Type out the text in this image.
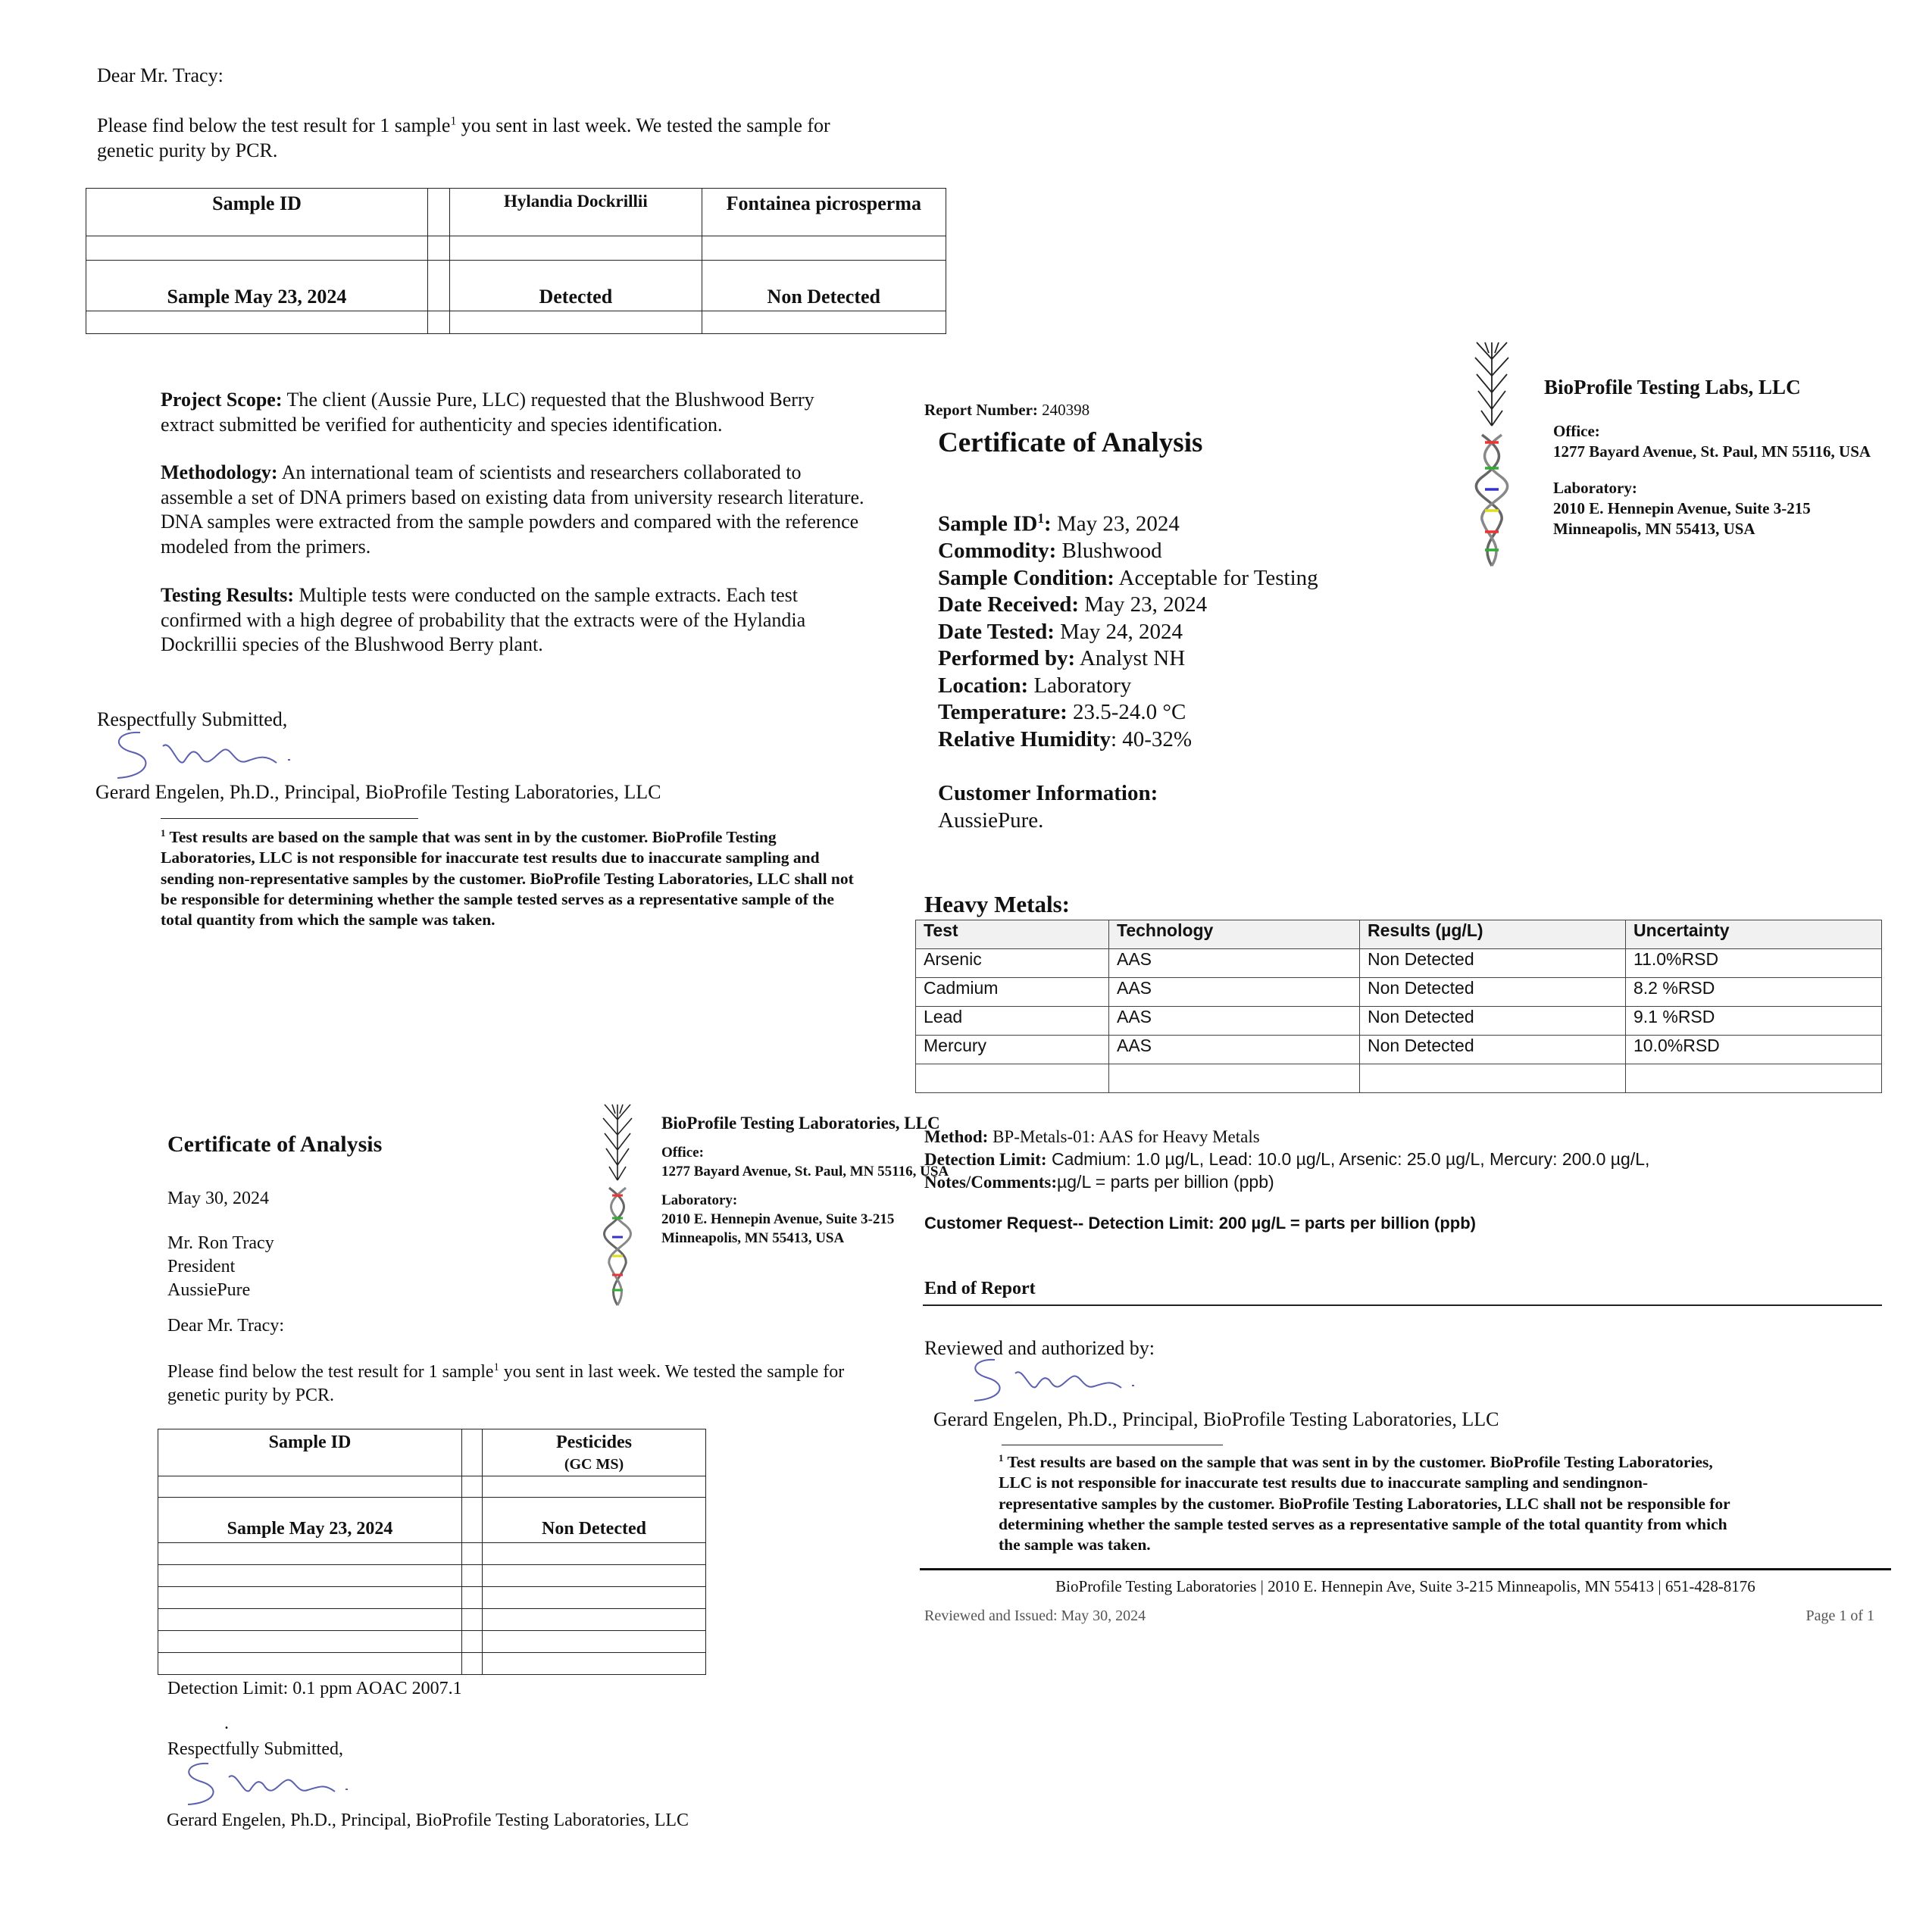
Dear Mr. Tracy:
Please find below the test result for 1 sample$^1$ you sent in last week. We tested the sample for
genetic purity by PCR.
Sample ID		Hylandia Dockrillii	Fontainea picrosperma

Sample May 23, 2024		Detected	Non Detected

Project Scope: The client (Aussie Pure, LLC) requested that the Blushwood Berry
extract submitted be verified for authenticity and species identification.
Methodology: An international team of scientists and researchers collaborated to
assemble a set of DNA primers based on existing data from university research literature.
DNA samples were extracted from the sample powders and compared with the reference
modeled from the primers.
Testing Results: Multiple tests were conducted on the sample extracts. Each test
confirmed with a high degree of probability that the extracts were of the Hylandia
Dockrillii species of the Blushwood Berry plant.
Respectfully Submitted,
Gerard Engelen, Ph.D., Principal, BioProfile Testing Laboratories, LLC
$^1$ Test results are based on the sample that was sent in by the customer. BioProfile Testing
Laboratories, LLC is not responsible for inaccurate test results due to inaccurate sampling and
sending non-representative samples by the customer. BioProfile Testing Laboratories, LLC shall not
be responsible for determining whether the sample tested serves as a representative sample of the
total quantity from which the sample was taken.
Certificate of Analysis
BioProfile Testing Laboratories, LLC
Office:
1277 Bayard Avenue, St. Paul, MN 55116, USA
Laboratory:
2010 E. Hennepin Avenue, Suite 3-215
Minneapolis, MN 55413, USA
May 30, 2024
Mr. Ron Tracy
President
AussiePure
Dear Mr. Tracy:
Please find below the test result for 1 sample$^1$ you sent in last week. We tested the sample for
genetic purity by PCR.
Sample ID		Pesticides
(GC MS)

Sample May 23, 2024		Non Detected

Detection Limit: 0.1 ppm AOAC 2007.1
.
Respectfully Submitted,
Gerard Engelen, Ph.D., Principal, BioProfile Testing Laboratories, LLC
Report Number: 240398
Certificate of Analysis
BioProfile Testing Labs, LLC
Office:
1277 Bayard Avenue, St. Paul, MN 55116, USA
Laboratory:
2010 E. Hennepin Avenue, Suite 3-215
Minneapolis, MN 55413, USA
Sample $ID^1$: May 23, 2024
Commodity: Blushwood
Sample Condition: Acceptable for Testing
Date Received: May 23, 2024
Date Tested: May 24, 2024
Performed by: Analyst NH
Location: Laboratory
Temperature: 23.5-24.0 °C
Relative Humidity: 40-32%
Customer Information:
AussiePure.
Heavy Metals:
Test	Technology	Results (µg/L)	Uncertainty
Arsenic	AAS	Non Detected	11.0%RSD
Cadmium	AAS	Non Detected	8.2 %RSD
Lead	AAS	Non Detected	9.1 %RSD
Mercury	AAS	Non Detected	10.0%RSD

Method: BP-Metals-01: AAS for Heavy Metals
Detection Limit: Cadmium: 1.0 µg/L, Lead: 10.0 µg/L, Arsenic: 25.0 µg/L, Mercury: 200.0 µg/L,
Notes/Comments:µg/L = parts per billion (ppb)
Customer Request-- Detection Limit: 200 µg/L = parts per billion (ppb)
End of Report
Reviewed and authorized by:
Gerard Engelen, Ph.D., Principal, BioProfile Testing Laboratories, LLC
$^1$ Test results are based on the sample that was sent in by the customer. BioProfile Testing Laboratories,
LLC is not responsible for inaccurate test results due to inaccurate sampling and sendingnon-
representative samples by the customer. BioProfile Testing Laboratories, LLC shall not be responsible for
determining whether the sample tested serves as a representative sample of the total quantity from which
the sample was taken.
BioProfile Testing Laboratories | 2010 E. Hennepin Ave, Suite 3-215 Minneapolis, MN 55413 | 651-428-8176
Reviewed and Issued: May 30, 2024	Page 1 of 1
